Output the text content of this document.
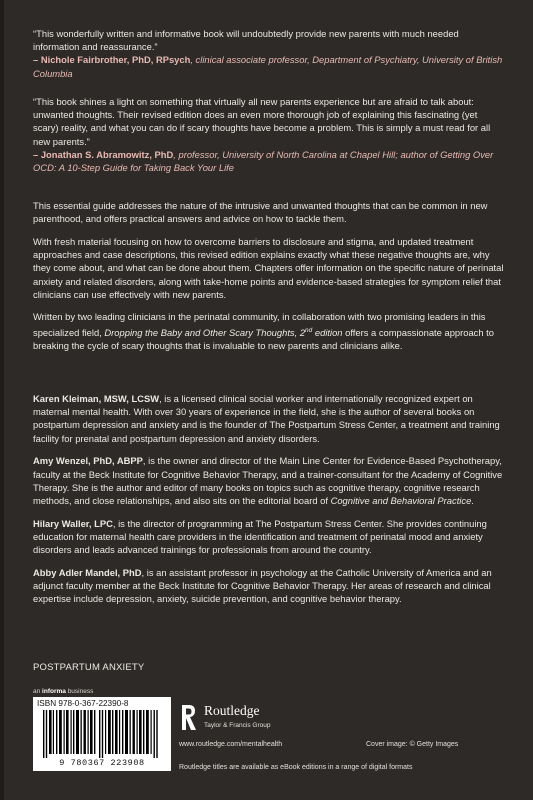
“This wonderfully written and informative book will undoubtedly provide new parents with much needed information and reassurance.”
– Nichole Fairbrother, PhD, RPsych, clinical associate professor, Department of Psychiatry, University of British Columbia
“This book shines a light on something that virtually all new parents experience but are afraid to talk about: unwanted thoughts. Their revised edition does an even more thorough job of explaining this fascinating (yet scary) reality, and what you can do if scary thoughts have become a problem. This is simply a must read for all new parents.”
– Jonathan S. Abramowitz, PhD, professor, University of North Carolina at Chapel Hill; author of Getting Over OCD: A 10-Step Guide for Taking Back Your Life

This essential guide addresses the nature of the intrusive and unwanted thoughts that can be common in new parenthood, and offers practical answers and advice on how to tackle them.

With fresh material focusing on how to overcome barriers to disclosure and stigma, and updated treatment approaches and case descriptions, this revised edition explains exactly what these negative thoughts are, why they come about, and what can be done about them. Chapters offer information on the specific nature of perinatal anxiety and related disorders, along with take-home points and evidence-based strategies for symptom relief that clinicians can use effectively with new parents.

Written by two leading clinicians in the perinatal community, in collaboration with two promising leaders in this specialized field, Dropping the Baby and Other Scary Thoughts, 2nd edition offers a compassionate approach to breaking the cycle of scary thoughts that is invaluable to new parents and clinicians alike.

Karen Kleiman, MSW, LCSW, is a licensed clinical social worker and internationally recognized expert on maternal mental health. With over 30 years of experience in the field, she is the author of several books on postpartum depression and anxiety and is the founder of The Postpartum Stress Center, a treatment and training facility for prenatal and postpartum depression and anxiety disorders.

Amy Wenzel, PhD, ABPP, is the owner and director of the Main Line Center for Evidence-Based Psychotherapy, faculty at the Beck Institute for Cognitive Behavior Therapy, and a trainer-consultant for the Academy of Cognitive Therapy. She is the author and editor of many books on topics such as cognitive therapy, cognitive research methods, and close relationships, and also sits on the editorial board of Cognitive and Behavioral Practice.

Hilary Waller, LPC, is the director of programming at The Postpartum Stress Center. She provides continuing education for maternal health care providers in the identification and treatment of perinatal mood and anxiety disorders and leads advanced trainings for professionals from around the country.

Abby Adler Mandel, PhD, is an assistant professor in psychology at the Catholic University of America and an adjunct faculty member at the Beck Institute for Cognitive Behavior Therapy. Her areas of research and clinical expertise include depression, anxiety, suicide prevention, and cognitive behavior therapy.

POSTPARTUM ANXIETY
an informa business
ISBN 978-0-367-22390-8
9 780367 223908
Routledge
Taylor & Francis Group
www.routledge.com/mentalhealth	Cover image: © Getty Images
Routledge titles are available as eBook editions in a range of digital formats
